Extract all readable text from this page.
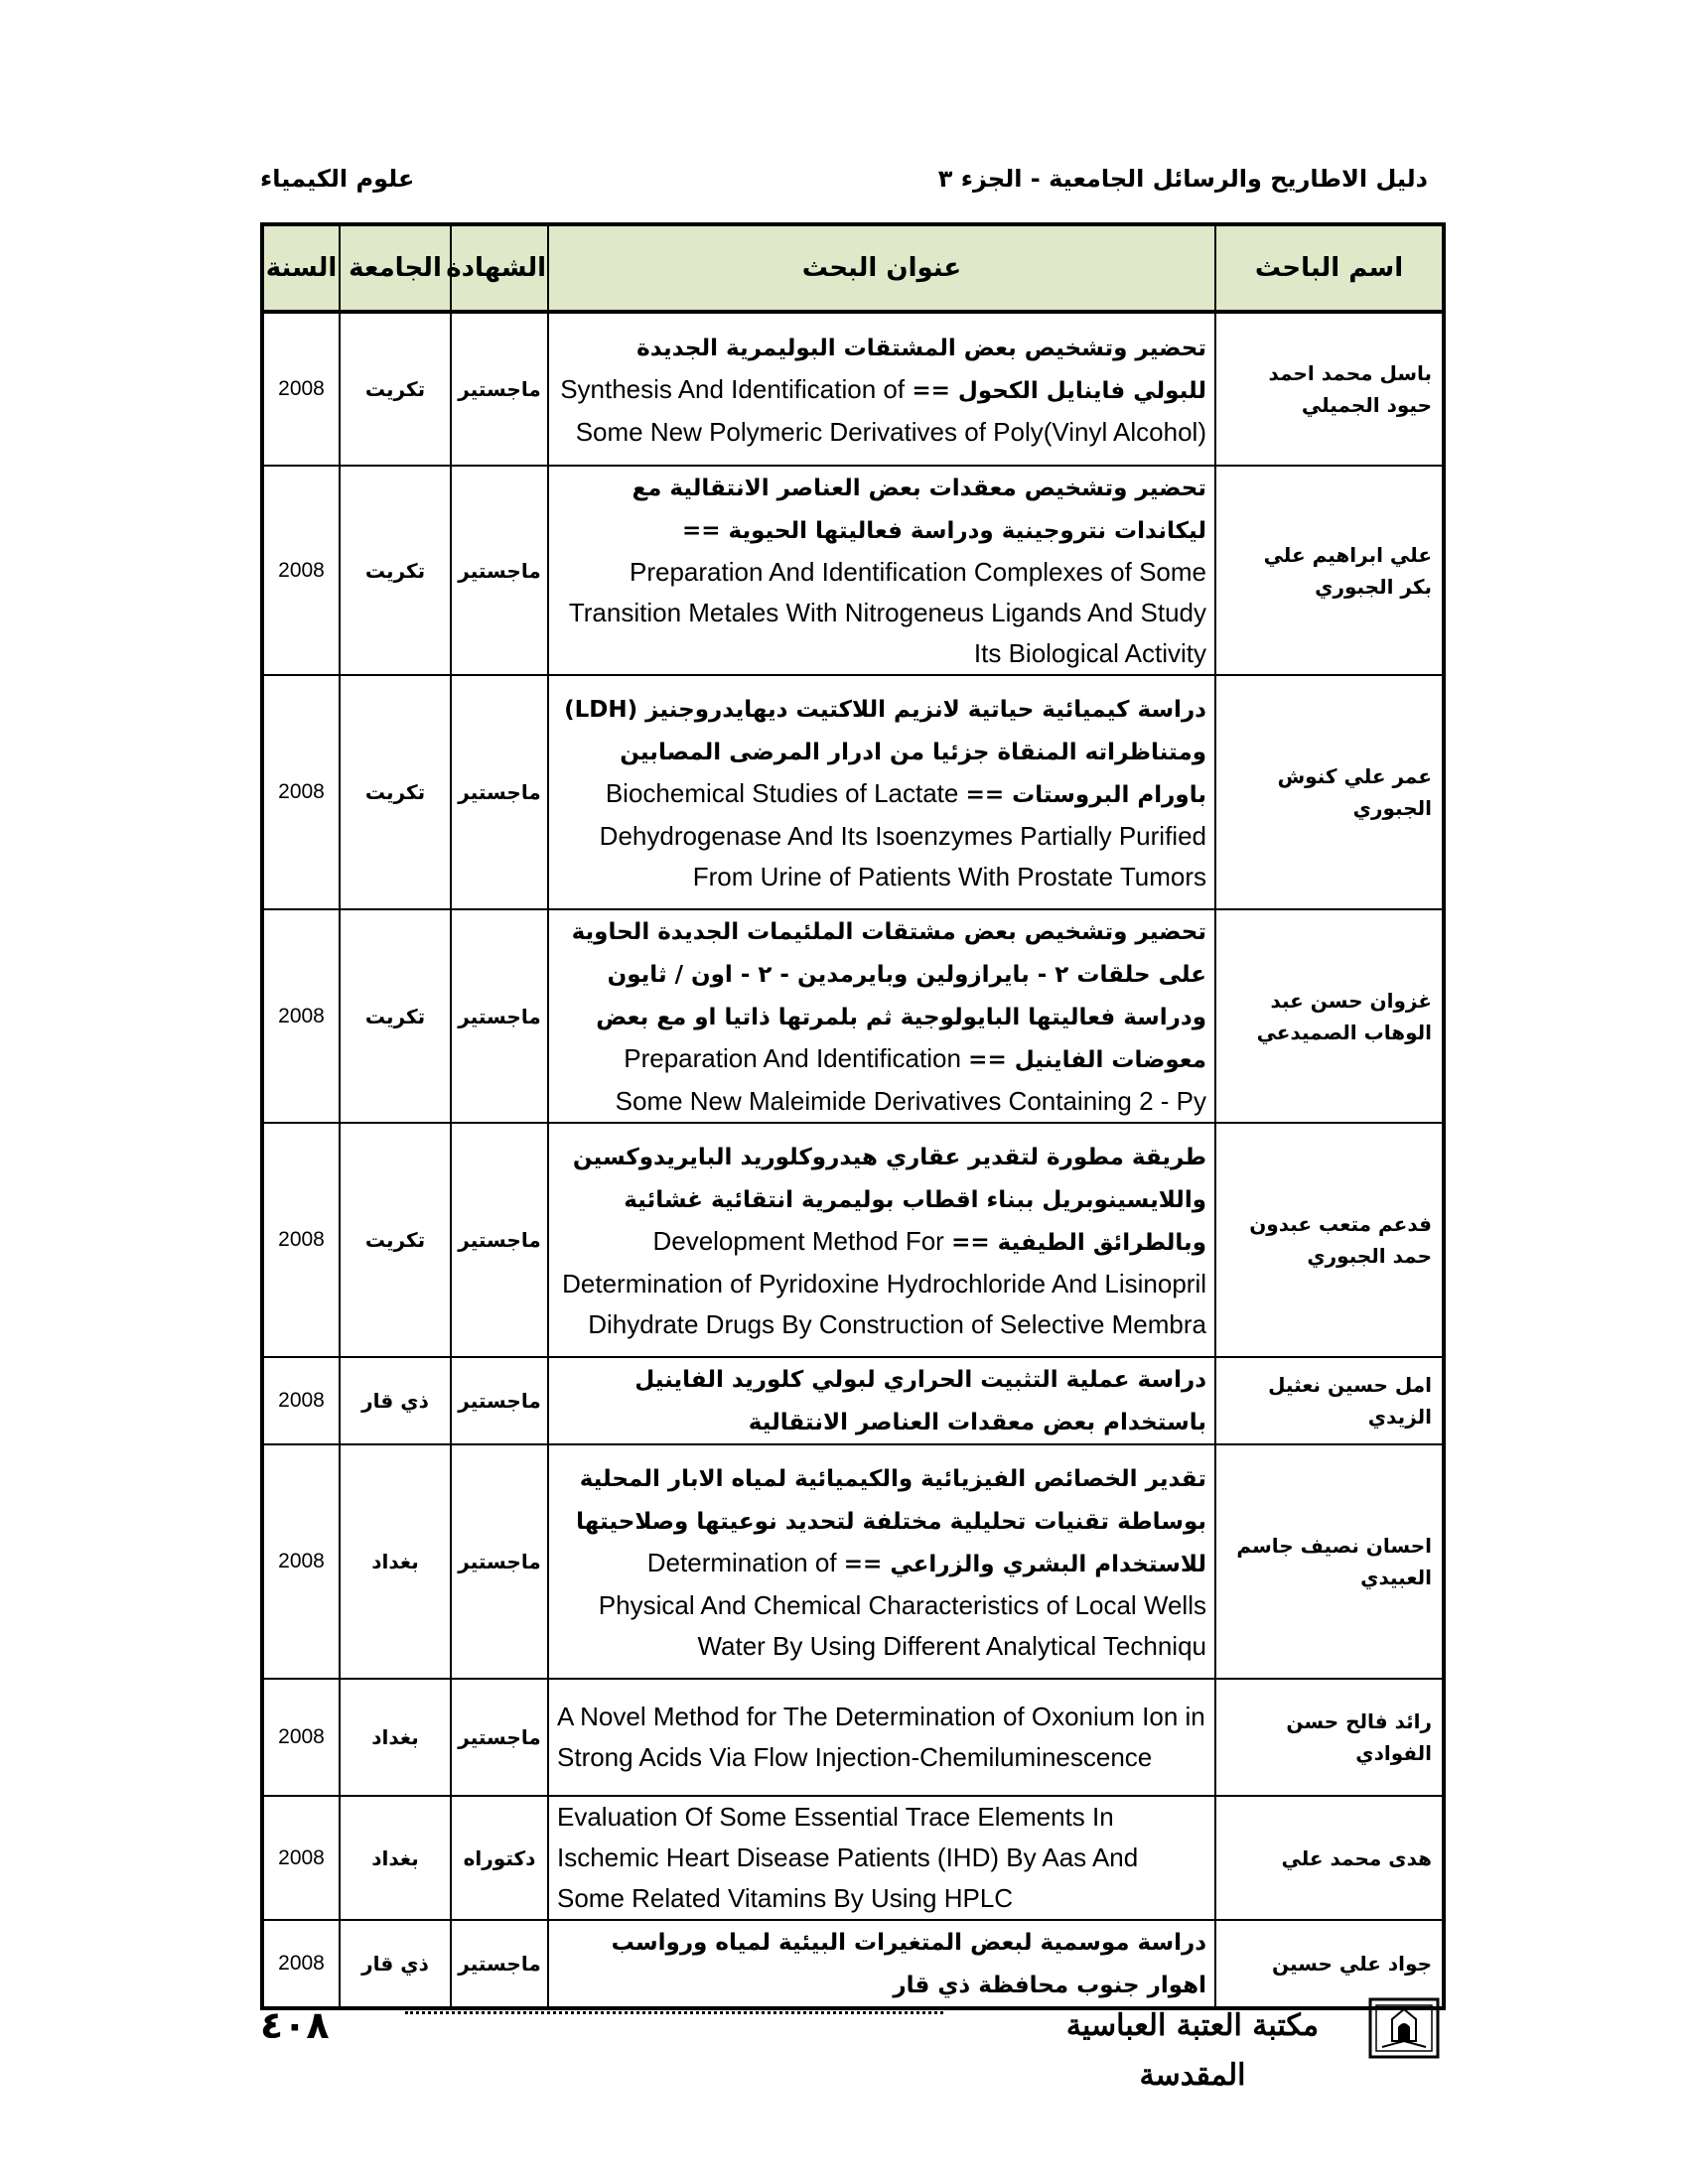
دليل الاطاريح والرسائل الجامعية - الجزء ٣
علوم الكيمياء
اسم الباحث	عنوان البحث	الشهادة	الجامعة	السنة
باسل محمد احمد حيود الجميلي	تحضير وتشخيص بعض المشتقات البوليمرية الجديدة للبولي فاينايل الكحول == Synthesis And Identification of Some New Polymeric Derivatives of Poly(Vinyl Alcohol)	ماجستير	تكريت	2008
علي ابراهيم علي بكر الجبوري	تحضير وتشخيص معقدات بعض العناصر الانتقالية مع ليكاندات نتروجينية ودراسة فعاليتها الحيوية == Preparation And Identification Complexes of Some Transition Metales With Nitrogeneus Ligands And Study Its Biological Activity	ماجستير	تكريت	2008
عمر علي كنوش الجبوري	دراسة كيميائية حياتية لانزيم اللاكتيت ديهايدروجنيز (LDH) ومتناظراته المنقاة جزئيا من ادرار المرضى المصابين باورام البروستات == Biochemical Studies of Lactate Dehydrogenase And Its Isoenzymes Partially Purified From Urine of Patients With Prostate Tumors	ماجستير	تكريت	2008
غزوان حسن عبد الوهاب الصميدعي	تحضير وتشخيص بعض مشتقات الملئيمات الجديدة الحاوية على حلقات ٢ - بايرازولين وبايرمدين - ٢ - اون / ثايون ودراسة فعاليتها البايولوجية ثم بلمرتها ذاتيا او مع بعض معوضات الفاينيل == Preparation And Identification Some New Maleimide Derivatives Containing 2 - Py	ماجستير	تكريت	2008
فدعم متعب عبدون حمد الجبوري	طريقة مطورة لتقدير عقاري هيدروكلوريد البايريدوكسين واللايسينوبريل ببناء اقطاب بوليمرية انتقائية غشائية وبالطرائق الطيفية == Development Method For Determination of Pyridoxine Hydrochloride And Lisinopril Dihydrate Drugs By Construction of Selective Membra	ماجستير	تكريت	2008
امل حسين نعثيل الزيدي	دراسة عملية التثبيت الحراري لبولي كلوريد الفاينيل باستخدام بعض معقدات العناصر الانتقالية	ماجستير	ذي قار	2008
احسان نصيف جاسم العبيدي	تقدير الخصائص الفيزيائية والكيميائية لمياه الابار المحلية بوساطة تقنيات تحليلية مختلفة لتحديد نوعيتها وصلاحيتها للاستخدام البشري والزراعي == Determination of Physical And Chemical Characteristics of Local Wells Water By Using Different Analytical Techniqu	ماجستير	بغداد	2008
رائد فالح حسن الفوادي	A Novel Method for The Determination of Oxonium Ion in Strong Acids Via Flow Injection-Chemiluminescence	ماجستير	بغداد	2008
هدى محمد علي	Evaluation Of Some Essential Trace Elements In Ischemic Heart Disease Patients (IHD) By Aas And Some Related Vitamins By Using HPLC	دكتوراه	بغداد	2008
جواد علي حسين	دراسة موسمية لبعض المتغيرات البيئية لمياه ورواسب اهوار جنوب محافظة ذي قار	ماجستير	ذي قار	2008
٤٠٨	مكتبة العتبة العباسية المقدسة
